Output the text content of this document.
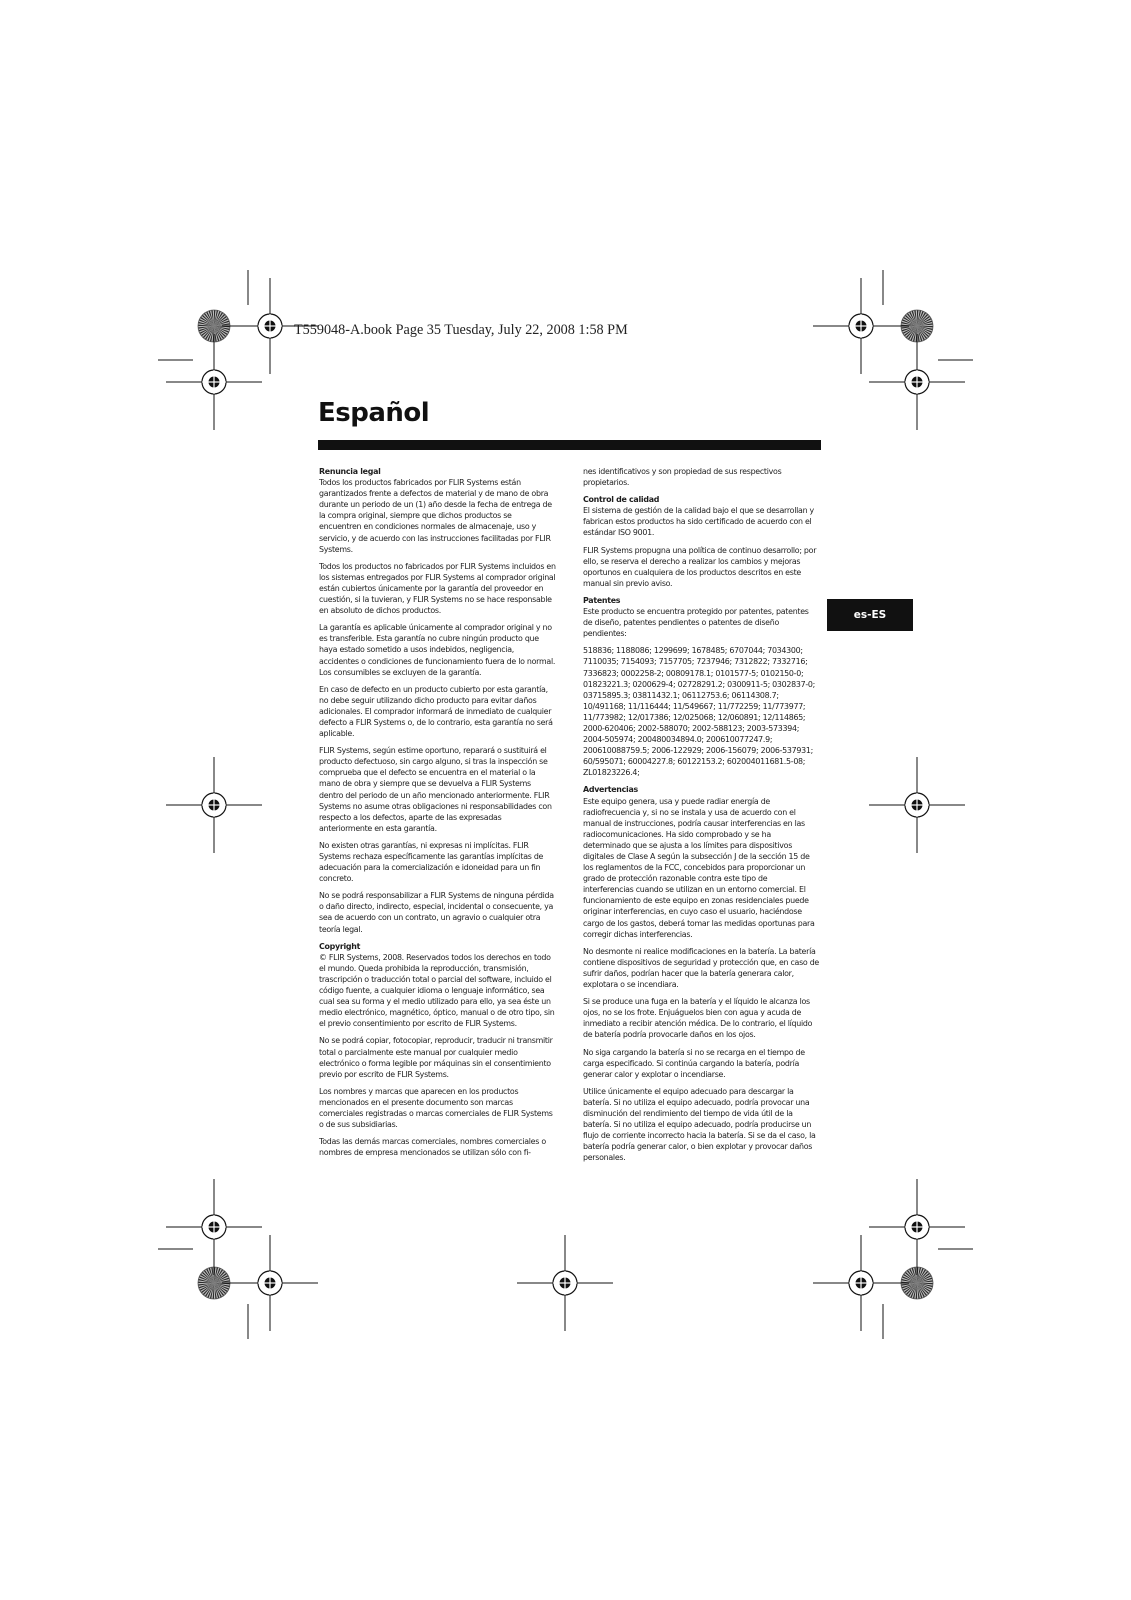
T559048-A.book Page 35 Tuesday, July 22, 2008 1:58 PM
Español
es-ES
Renuncia legal

Todos los productos fabricados por FLIR Systems están garantizados frente a defectos de material y de mano de obra durante un periodo de un (1) año desde la fecha de entrega de la compra original, siempre que dichos productos se encuentren en condiciones normales de almacenaje, uso y servicio, y de acuerdo con las instrucciones facilitadas por FLIR Systems.

Todos los productos no fabricados por FLIR Systems incluidos en los sistemas entregados por FLIR Systems al comprador original están cubiertos únicamente por la garantía del proveedor en cuestión, si la tuvieran, y FLIR Systems no se hace responsable en absoluto de dichos productos.

La garantía es aplicable únicamente al comprador original y no es transferible. Esta garantía no cubre ningún producto que haya estado sometido a usos indebidos, negligencia, accidentes o condiciones de funcionamiento fuera de lo normal. Los consumibles se excluyen de la garantía.

En caso de defecto en un producto cubierto por esta garantía, no debe seguir utilizando dicho producto para evitar daños adicionales. El comprador informará de inmediato de cualquier defecto a FLIR Systems o, de lo contrario, esta garantía no será aplicable.

FLIR Systems, según estime oportuno, reparará o sustituirá el producto defectuoso, sin cargo alguno, si tras la inspección se comprueba que el defecto se encuentra en el material o la mano de obra y siempre que se devuelva a FLIR Systems dentro del periodo de un año mencionado anteriormente. FLIR Systems no asume otras obligaciones ni responsabilidades con respecto a los defectos, aparte de las expresadas anteriormente en esta garantía.

No existen otras garantías, ni expresas ni implícitas. FLIR Systems rechaza específicamente las garantías implícitas de adecuación para la comercialización e idoneidad para un fin concreto.

No se podrá responsabilizar a FLIR Systems de ninguna pérdida o daño directo, indirecto, especial, incidental o consecuente, ya sea de acuerdo con un contrato, un agravio o cualquier otra teoría legal.

Copyright

© FLIR Systems, 2008. Reservados todos los derechos en todo el mundo. Queda prohibida la reproducción, transmisión, trascripción o traducción total o parcial del software, incluido el código fuente, a cualquier idioma o lenguaje informático, sea cual sea su forma y el medio utilizado para ello, ya sea éste un medio electrónico, magnético, óptico, manual o de otro tipo, sin el previo consentimiento por escrito de FLIR Systems.

No se podrá copiar, fotocopiar, reproducir, traducir ni transmitir total o parcialmente este manual por cualquier medio electrónico o forma legible por máquinas sin el consentimiento previo por escrito de FLIR Systems.

Los nombres y marcas que aparecen en los productos mencionados en el presente documento son marcas comerciales registradas o marcas comerciales de FLIR Systems o de sus subsidiarias.

Todas las demás marcas comerciales, nombres comerciales o nombres de empresa mencionados se utilizan sólo con fi-

nes identificativos y son propiedad de sus respectivos propietarios.

Control de calidad

El sistema de gestión de la calidad bajo el que se desarrollan y fabrican estos productos ha sido certificado de acuerdo con el estándar ISO 9001.

FLIR Systems propugna una política de continuo desarrollo; por ello, se reserva el derecho a realizar los cambios y mejoras oportunos en cualquiera de los productos descritos en este manual sin previo aviso.

Patentes

Este producto se encuentra protegido por patentes, patentes de diseño, patentes pendientes o patentes de diseño pendientes:

518836; 1188086; 1299699; 1678485; 6707044; 7034300; 7110035; 7154093; 7157705; 7237946; 7312822; 7332716; 7336823; 0002258-2; 00809178.1; 0101577-5; 0102150-0; 01823221.3; 0200629-4; 02728291.2; 0300911-5; 0302837-0; 03715895.3; 03811432.1; 06112753.6; 06114308.7; 10/491168; 11/116444; 11/549667; 11/772259; 11/773977; 11/773982; 12/017386; 12/025068; 12/060891; 12/114865; 2000-620406; 2002-588070; 2002-588123; 2003-573394; 2004-505974; 200480034894.0; 200610077247.9; 200610088759.5; 2006-122929; 2006-156079; 2006-537931; 60/595071; 60004227.8; 60122153.2; 602004011681.5-08; ZL01823226.4;

Advertencias

Este equipo genera, usa y puede radiar energía de radiofrecuencia y, si no se instala y usa de acuerdo con el manual de instrucciones, podría causar interferencias en las radiocomunicaciones. Ha sido comprobado y se ha determinado que se ajusta a los límites para dispositivos digitales de Clase A según la subsección J de la sección 15 de los reglamentos de la FCC, concebidos para proporcionar un grado de protección razonable contra este tipo de interferencias cuando se utilizan en un entorno comercial. El funcionamiento de este equipo en zonas residenciales puede originar interferencias, en cuyo caso el usuario, haciéndose cargo de los gastos, deberá tomar las medidas oportunas para corregir dichas interferencias.

No desmonte ni realice modificaciones en la batería. La batería contiene dispositivos de seguridad y protección que, en caso de sufrir daños, podrían hacer que la batería generara calor, explotara o se incendiara.

Si se produce una fuga en la batería y el líquido le alcanza los ojos, no se los frote. Enjuáguelos bien con agua y acuda de inmediato a recibir atención médica. De lo contrario, el líquido de batería podría provocarle daños en los ojos.

No siga cargando la batería si no se recarga en el tiempo de carga especificado. Si continúa cargando la batería, podría generar calor y explotar o incendiarse.

Utilice únicamente el equipo adecuado para descargar la batería. Si no utiliza el equipo adecuado, podría provocar una disminución del rendimiento del tiempo de vida útil de la batería. Si no utiliza el equipo adecuado, podría producirse un flujo de corriente incorrecto hacia la batería. Si se da el caso, la batería podría generar calor, o bien explotar y provocar daños personales.
